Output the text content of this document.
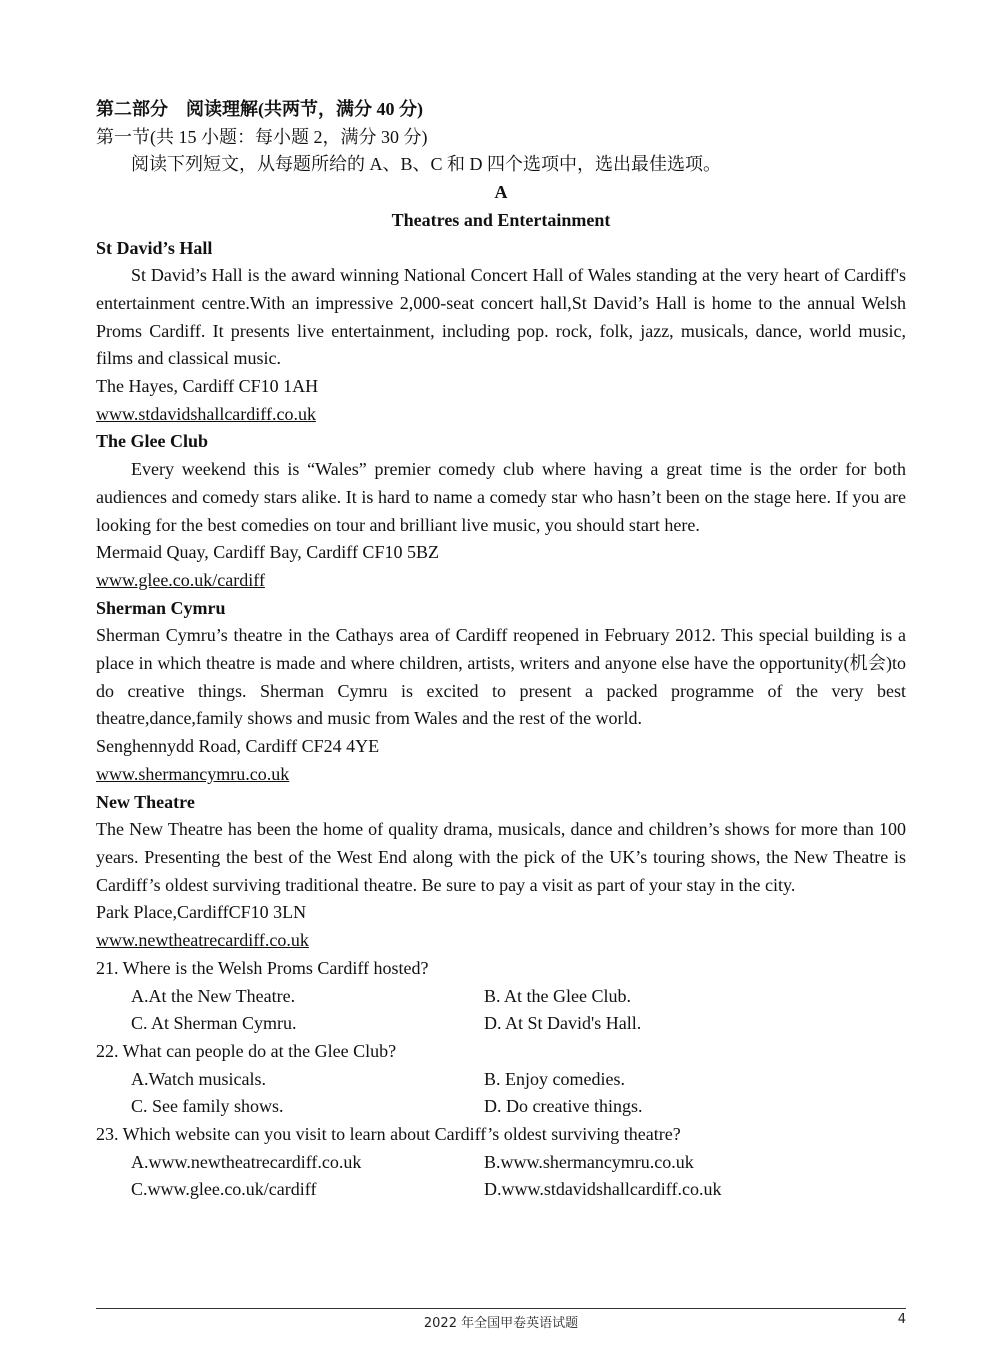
第二部分　阅读理解(共两节，满分 40 分)

第一节(共 15 小题：每小题 2，满分 30 分)

阅读下列短文，从每题所给的 A、B、C 和 D 四个选项中，选出最佳选项。

A

Theatres and Entertainment

St David’s Hall

St David’s Hall is the award winning National Concert Hall of Wales standing at the very heart of Cardiff's entertainment centre.With an impressive 2,000-seat concert hall,St David’s Hall is home to the annual Welsh Proms Cardiff. It presents live entertainment, including pop. rock, folk, jazz, musicals, dance, world music, films and classical music.

The Hayes, Cardiff CF10 1AH

www.stdavidshallcardiff.co.uk

The Glee Club

Every weekend this is “Wales” premier comedy club where having a great time is the order for both audiences and comedy stars alike. It is hard to name a comedy star who hasn’t been on the stage here. If you are looking for the best comedies on tour and brilliant live music, you should start here.

Mermaid Quay, Cardiff Bay, Cardiff CF10 5BZ

www.glee.co.uk/cardiff

Sherman Cymru

Sherman Cymru’s theatre in the Cathays area of Cardiff reopened in February 2012. This special building is a place in which theatre is made and where children, artists, writers and anyone else have the opportunity(机会)to do creative things. Sherman Cymru is excited to present a packed programme of the very best theatre,dance,family shows and music from Wales and the rest of the world.

Senghennydd Road, Cardiff CF24 4YE

www.shermancymru.co.uk

New Theatre

The New Theatre has been the home of quality drama, musicals, dance and children’s shows for more than 100 years. Presenting the best of the West End along with the pick of the UK’s touring shows, the New Theatre is Cardiff’s oldest surviving traditional theatre. Be sure to pay a visit as part of your stay in the city.

Park Place,CardiffCF10 3LN

www.newtheatrecardiff.co.uk

21. Where is the Welsh Proms Cardiff hosted?

A.At the New Theatre.	B. At the Glee Club.
C. At Sherman Cymru.	D. At St David's Hall.

22. What can people do at the Glee Club?

A.Watch musicals.	B. Enjoy comedies.
C. See family shows.	D. Do creative things.

23. Which website can you visit to learn about Cardiff’s oldest surviving theatre?

A.www.newtheatrecardiff.co.uk	B.www.shermancymru.co.uk
C.www.glee.co.uk/cardiff	D.www.stdavidshallcardiff.co.uk
2022 年全国甲卷英语试题	4
